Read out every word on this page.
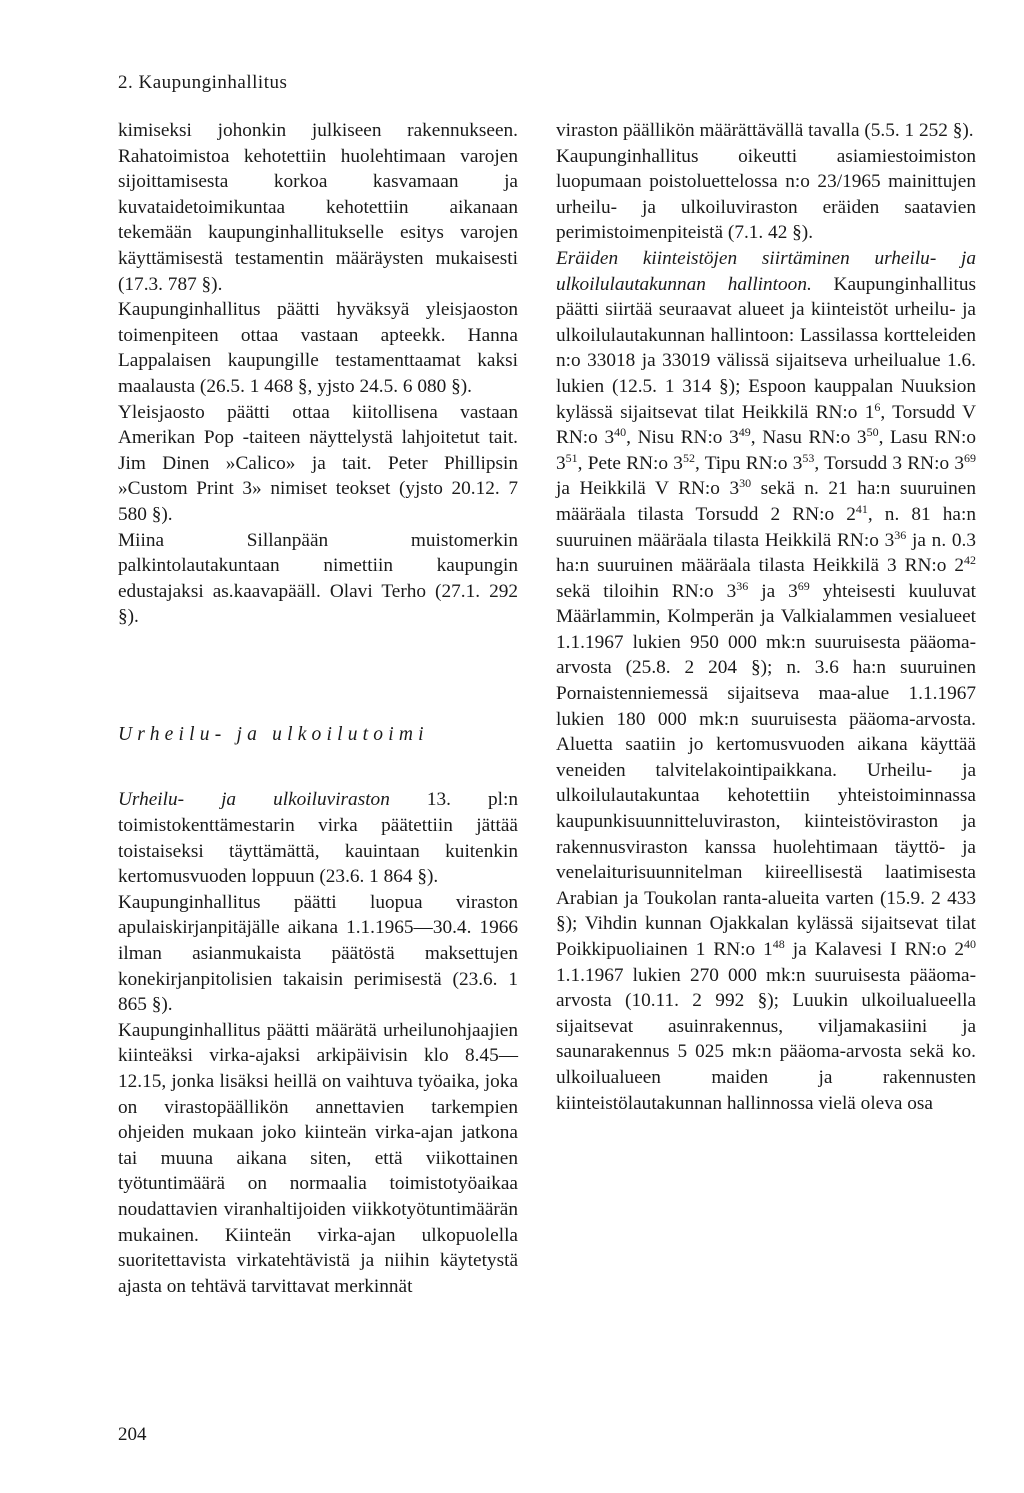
2. Kaupunginhallitus

kimiseksi johonkin julkiseen rakennukseen. Rahatoimistoa kehotettiin huolehtimaan varojen sijoittamisesta korkoa kasvamaan ja kuvataidetoimikuntaa kehotettiin aikanaan tekemään kaupunginhallitukselle esitys varojen käyttämisestä testamentin määräysten mukaisesti (17.3. 787 §).

Kaupunginhallitus päätti hyväksyä yleisjaoston toimenpiteen ottaa vastaan apteekk. Hanna Lappalaisen kaupungille testamenttaamat kaksi maalausta (26.5. 1 468 §, yjsto 24.5. 6 080 §).

Yleisjaosto päätti ottaa kiitollisena vastaan Amerikan Pop -taiteen näyttelystä lahjoitetut tait. Jim Dinen »Calico» ja tait. Peter Phillipsin »Custom Print 3» nimiset teokset (yjsto 20.12. 7 580 §).

Miina Sillanpään muistomerkin palkintolautakuntaan nimettiin kaupungin edustajaksi as.kaavapääll. Olavi Terho (27.1. 292 §).

Urheilu- ja ulkoilutoimi

Urheilu- ja ulkoiluviraston 13. pl:n toimistokenttämestarin virka päätettiin jättää toistaiseksi täyttämättä, kauintaan kuitenkin kertomusvuoden loppuun (23.6. 1 864 §).

Kaupunginhallitus päätti luopua viraston apulaiskirjanpitäjälle aikana 1.1.1965—30.4. 1966 ilman asianmukaista päätöstä maksettujen konekirjanpitolisien takaisin perimisestä (23.6. 1 865 §).

Kaupunginhallitus päätti määrätä urheilunohjaajien kiinteäksi virka-ajaksi arkipäivisin klo 8.45—12.15, jonka lisäksi heillä on vaihtuva työaika, joka on virastopäällikön annettavien tarkempien ohjeiden mukaan joko kiinteän virka-ajan jatkona tai muuna aikana siten, että viikottainen työtuntimäärä on normaalia toimistotyöaikaa noudattavien viranhaltijoiden viikkotyötuntimäärän mukainen. Kiinteän virka-ajan ulkopuolella suoritettavista virkatehtävistä ja niihin käytetystä ajasta on tehtävä tarvittavat merkinnät

viraston päällikön määrättävällä tavalla (5.5. 1 252 §).

Kaupunginhallitus oikeutti asiamiestoimiston luopumaan poistoluettelossa n:o 23/1965 mainittujen urheilu- ja ulkoiluviraston eräiden saatavien perimistoimenpiteistä (7.1. 42 §).

Eräiden kiinteistöjen siirtäminen urheilu- ja ulkoilulautakunnan hallintoon. Kaupunginhallitus päätti siirtää seuraavat alueet ja kiinteistöt urheilu- ja ulkoilulautakunnan hallintoon: Lassilassa kortteleiden n:o 33018 ja 33019 välissä sijaitseva urheilualue 1.6. lukien (12.5. 1 314 §); Espoon kauppalan Nuuksion kylässä sijaitsevat tilat Heikkilä RN:o $1^6$, Torsudd V RN:o $3^{40}$, Nisu RN:o $3^{49}$, Nasu RN:o $3^{50}$, Lasu RN:o $3^{51}$, Pete RN:o $3^{52}$, Tipu RN:o $3^{53}$, Torsudd 3 RN:o $3^{69}$ ja Heikkilä V RN:o $3^{30}$ sekä n. 21 ha:n suuruinen määräala tilasta Torsudd 2 RN:o $2^{41}$, n. 81 ha:n suuruinen määräala tilasta Heikkilä RN:o $3^{36}$ ja n. 0.3 ha:n suuruinen määräala tilasta Heikkilä 3 RN:o $2^{42}$ sekä tiloihin RN:o $3^{36}$ ja $3^{69}$ yhteisesti kuuluvat Määrlammin, Kolmperän ja Valkialammen vesialueet 1.1.1967 lukien 950 000 mk:n suuruisesta pääoma-arvosta (25.8. 2 204 §); n. 3.6 ha:n suuruinen Pornaistenniemessä sijaitseva maa-alue 1.1.1967 lukien 180 000 mk:n suuruisesta pääoma-arvosta. Aluetta saatiin jo kertomusvuoden aikana käyttää veneiden talvitelakointipaikkana. Urheilu- ja ulkoilulautakuntaa kehotettiin yhteistoiminnassa kaupunkisuunnitteluviraston, kiinteistöviraston ja rakennusviraston kanssa huolehtimaan täyttö- ja venelaiturisuunnitelman kiireellisestä laatimisesta Arabian ja Toukolan ranta-alueita varten (15.9. 2 433 §); Vihdin kunnan Ojakkalan kylässä sijaitsevat tilat Poikkipuoliainen 1 RN:o $1^{48}$ ja Kalavesi I RN:o $2^{40}$ 1.1.1967 lukien 270 000 mk:n suuruisesta pääoma-arvosta (10.11. 2 992 §); Luukin ulkoilualueella sijaitsevat asuinrakennus, viljamakasiini ja saunarakennus 5 025 mk:n pääoma-arvosta sekä ko. ulkoilualueen maiden ja rakennusten kiinteistölautakunnan hallinnossa vielä oleva osa

204
